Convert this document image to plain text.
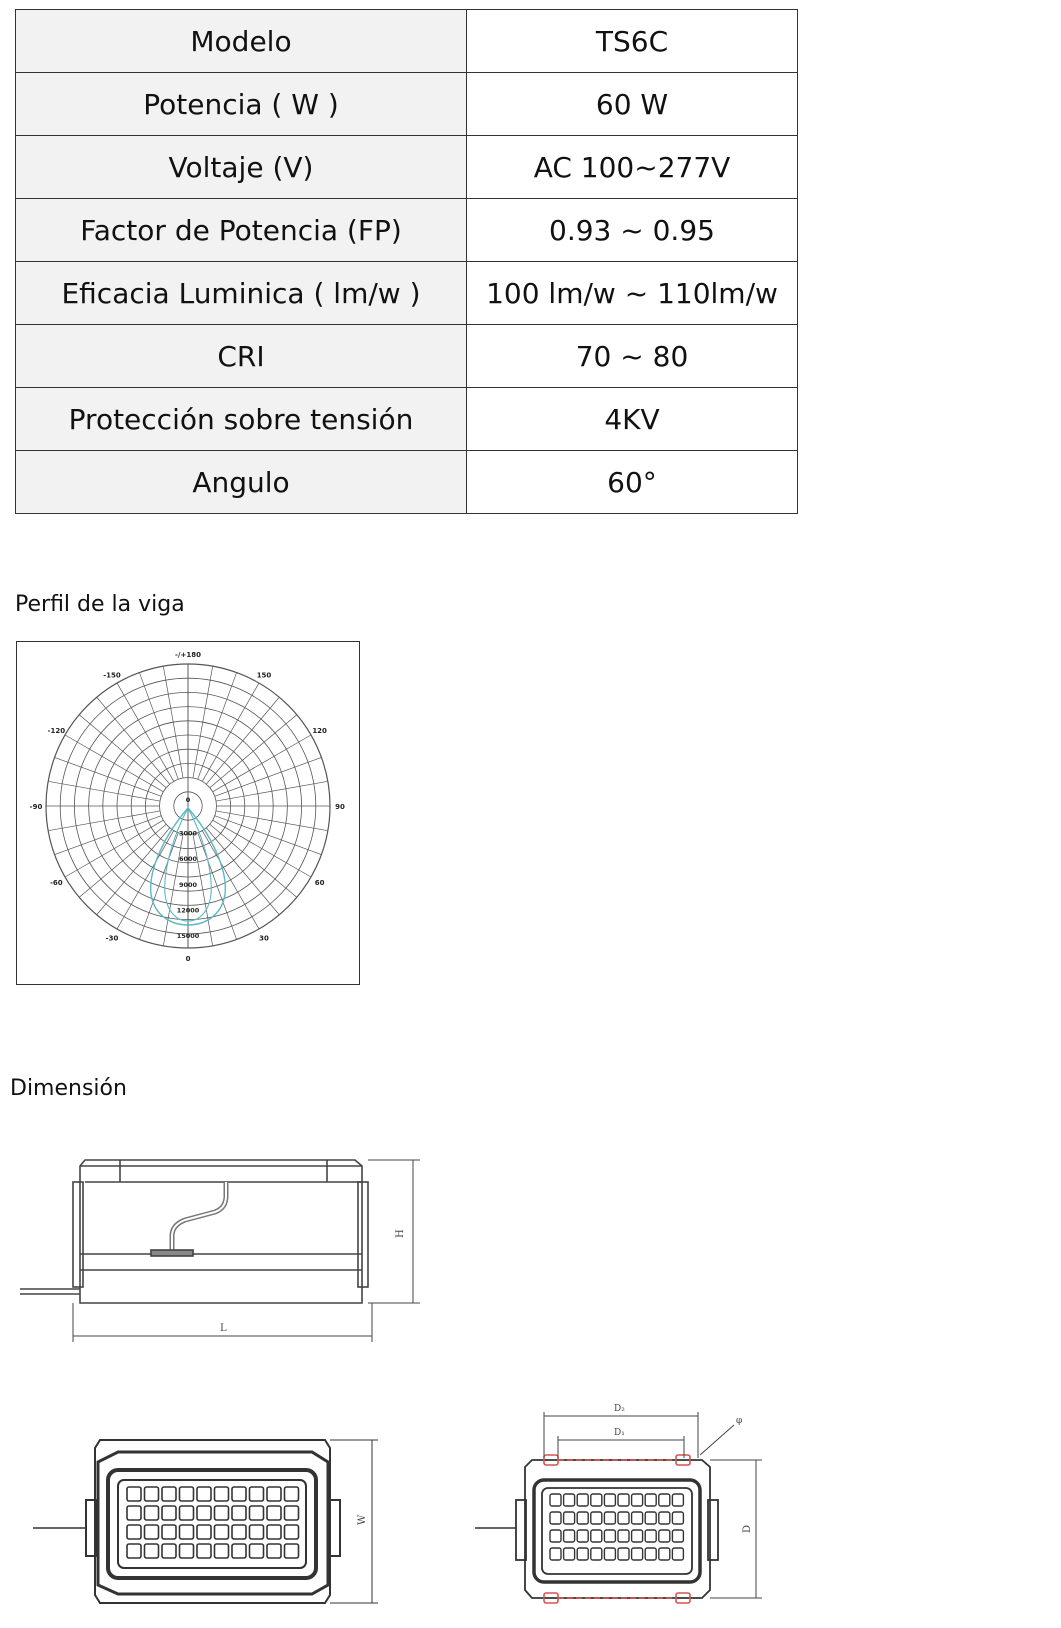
Modelo	TS6C
Potencia ( W )	60 W
Voltaje (V)	AC 100~277V
Factor de Potencia (FP)	0.93 ~ 0.95
Eficacia Luminica ( lm/w )	100 lm/w ~ 110lm/w
CRI	70 ~ 80
Protección sobre tensión	4KV
Angulo	60°
Perfil de la viga
-/+180
-150	150
-120	120
-90	90
-60	60
-30	30
0
0
3000
6000
9000
12000
15000
Dimensión
H
L
W
D₂
D₁
φ
D
